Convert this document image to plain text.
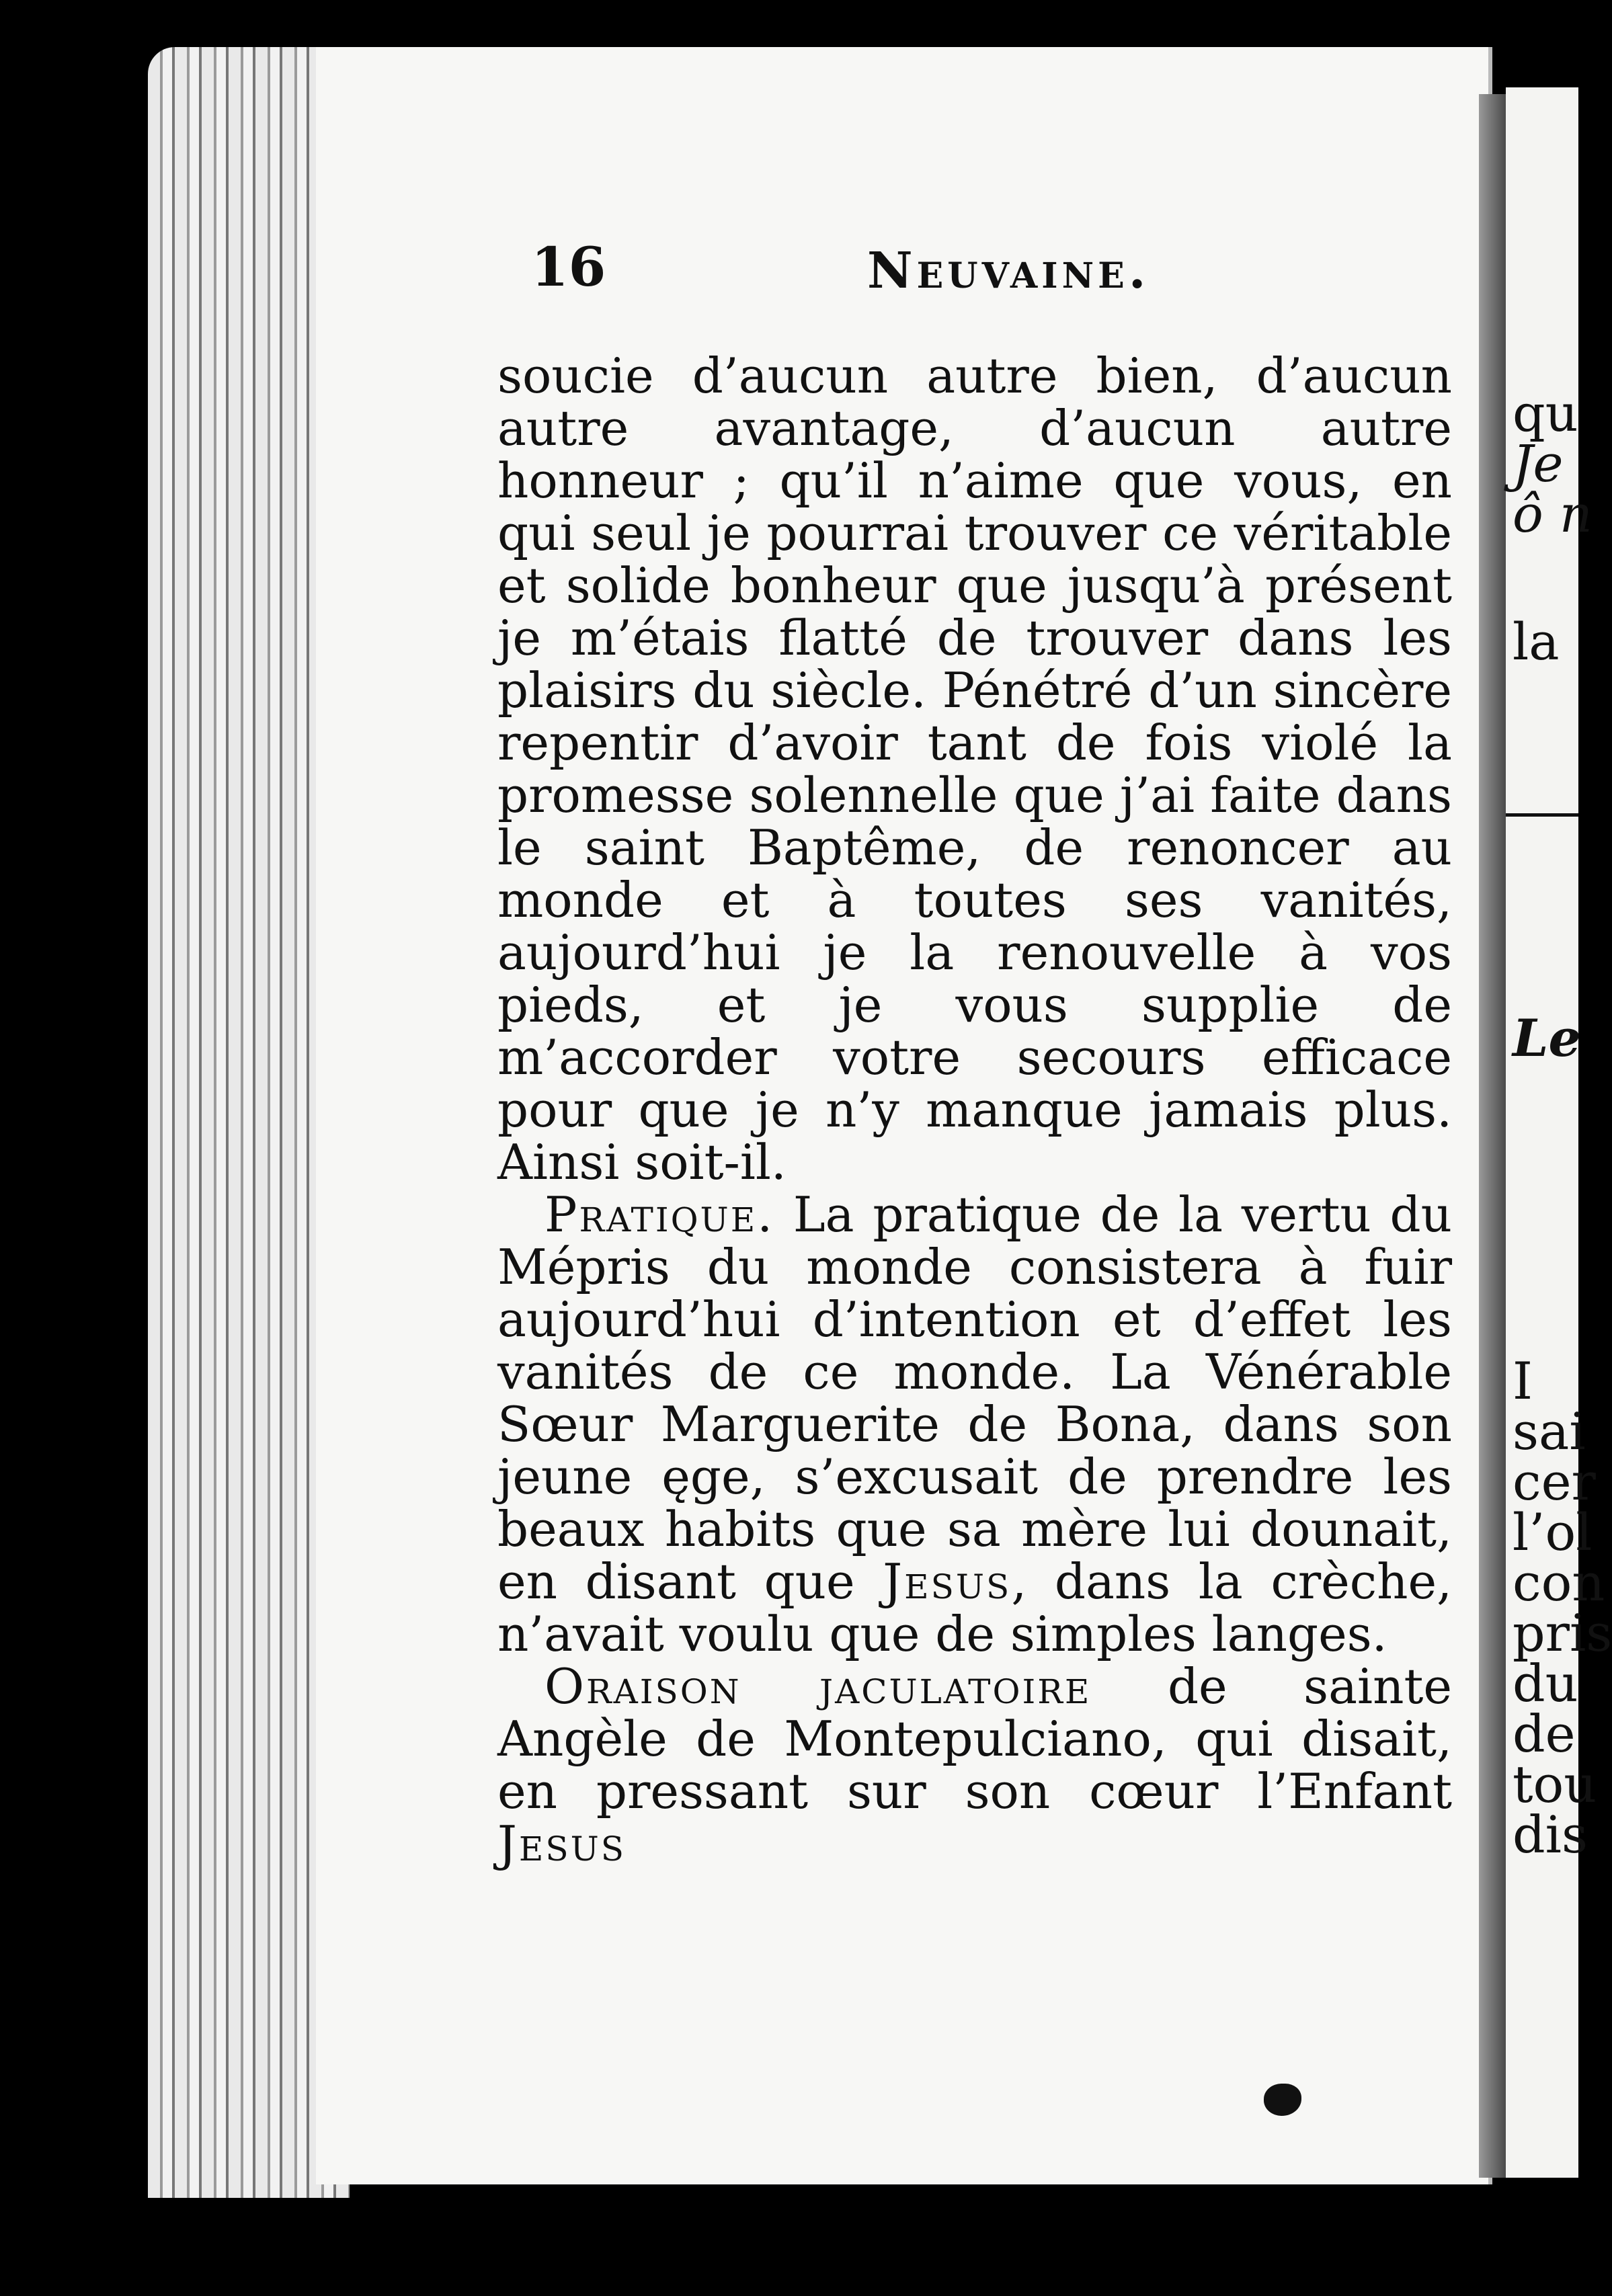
qu
Je
ô n
la
Le
I
sai
cer
l’ol
con
pris
du
de
tou
dis
16	Neuvaine.

soucie d’aucun autre bien, d’aucun autre avantage, d’aucun autre honneur ; qu’il n’aime que vous, en qui seul je pourrai trouver ce véritable et solide bonheur que jusqu’à présent je m’étais flatté de trouver dans les plaisirs du siècle. Pénétré d’un sincère repentir d’avoir tant de fois violé la promesse solennelle que j’ai faite dans le saint Baptême, de renoncer au monde et à toutes ses vanités, aujourd’hui je la renouvelle à vos pieds, et je vous supplie de m’accorder votre secours efficace pour que je n’y manque jamais plus. Ainsi soit-il.

Pratique. La pratique de la vertu du Mépris du monde consistera à fuir aujourd’hui d’intention et d’effet les vanités de ce monde. La Vénérable Sœur Marguerite de Bona, dans son jeune ęge, s’excusait de prendre les beaux habits que sa mère lui dounait, en disant que Jesus, dans la crèche, n’avait voulu que de simples langes.

Oraison jaculatoire de sainte Angèle de Montepulciano, qui disait, en pressant sur son cœur l’Enfant Jesus
